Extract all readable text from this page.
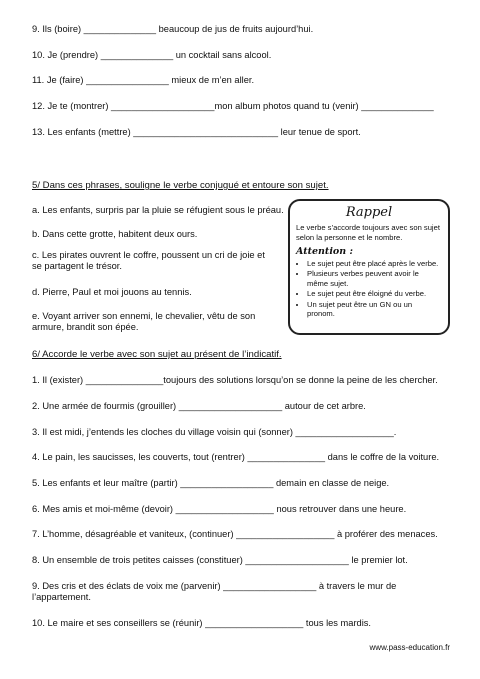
9. Ils (boire) ______________ beaucoup de jus de fruits aujourd’hui.
10. Je (prendre) ______________ un cocktail sans alcool.
11. Je (faire) ________________ mieux de m’en aller.
12. Je te (montrer) ____________________mon album photos quand tu (venir) ______________
13. Les enfants (mettre) ____________________________ leur tenue de sport.
5/ Dans ces phrases, souligne le verbe conjugué et entoure son sujet.
a. Les enfants, surpris par la pluie se réfugient sous le préau.
b. Dans cette grotte, habitent deux ours.
c. Les pirates ouvrent le coffre, poussent un cri de joie et se partagent le trésor.
d. Pierre, Paul et moi jouons au tennis.
e. Voyant arriver son ennemi, le chevalier, vêtu de son armure, brandit son épée.
Rappel
Le verbe s’accorde toujours avec son sujet selon la personne et le nombre.
Attention :
• Le sujet peut être placé après le verbe.
• Plusieurs verbes peuvent avoir le même sujet.
• Le sujet peut être éloigné du verbe.
• Un sujet peut être un GN ou un pronom.
6/ Accorde le verbe avec son sujet au présent de l’indicatif.
1. Il (exister) _______________toujours des solutions lorsqu’on se donne la peine de les chercher.
2. Une armée de fourmis (grouiller) ____________________ autour de cet arbre.
3. Il est midi, j’entends les cloches du village voisin qui (sonner) ___________________.
4. Le pain, les saucisses, les couverts, tout (rentrer) _______________ dans le coffre de la voiture.
5. Les enfants et leur maître (partir) __________________ demain en classe de neige.
6. Mes amis et moi-même (devoir) ___________________ nous retrouver dans une heure.
7. L’homme, désagréable et vaniteux, (continuer) ___________________ à proférer des menaces.
8. Un ensemble de trois petites caisses (constituer) ____________________ le premier lot.
9. Des cris et des éclats de voix me (parvenir) __________________ à travers le mur de l’appartement.
10. Le maire et ses conseillers se (réunir) ___________________ tous les mardis.
www.pass-education.fr
